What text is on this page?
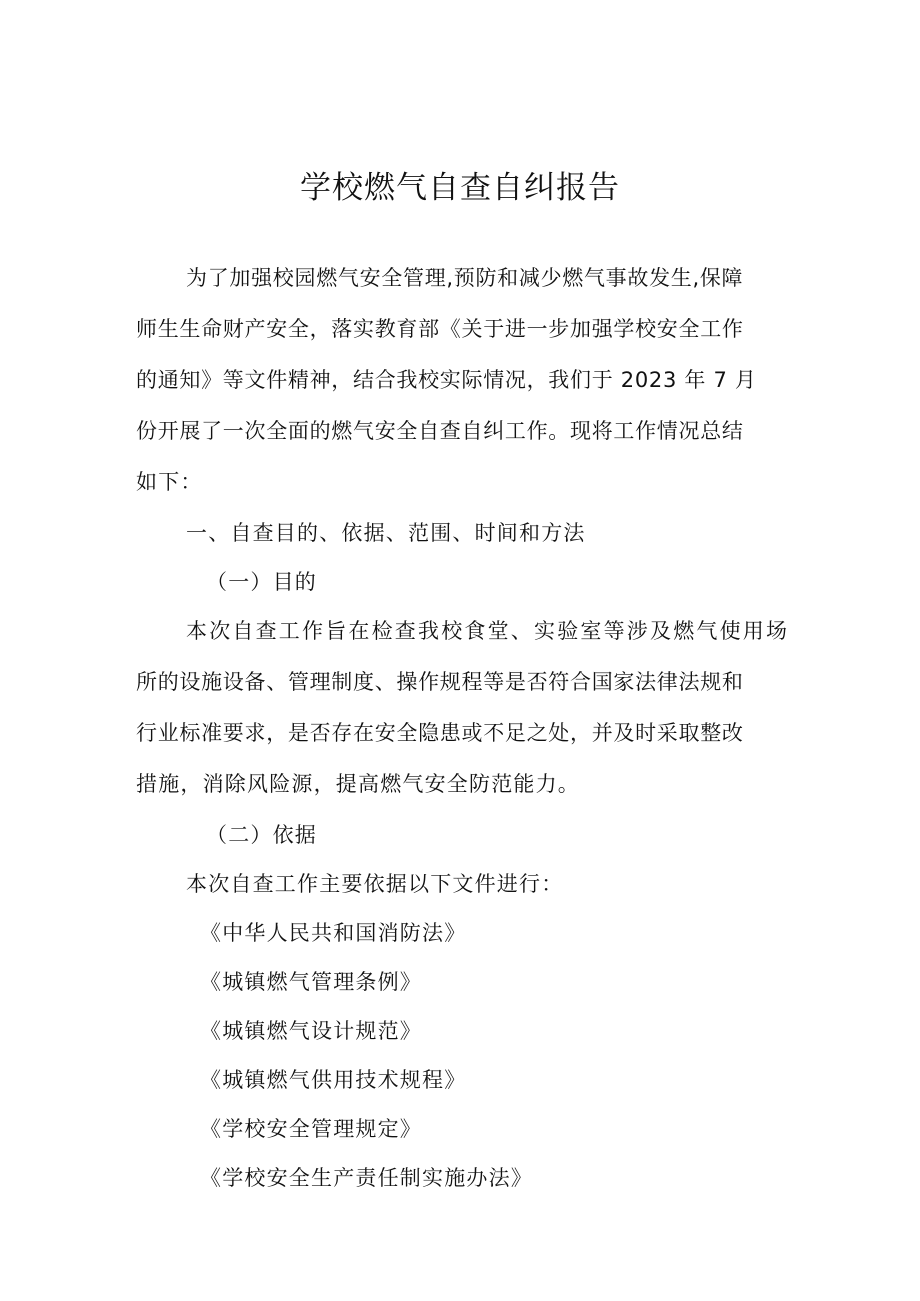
学校燃气自查自纠报告
为了加强校园燃气安全管理,预防和减少燃气事故发生,保障
师生生命财产安全，落实教育部《关于进一步加强学校安全工作
的通知》等文件精神，结合我校实际情况，我们于 2023 年 7 月
份开展了一次全面的燃气安全自查自纠工作。现将工作情况总结
如下：
一、自查目的、依据、范围、时间和方法
（一）目的
本次自查工作旨在检查我校食堂、实验室等涉及燃气使用场
所的设施设备、管理制度、操作规程等是否符合国家法律法规和
行业标准要求，是否存在安全隐患或不足之处，并及时采取整改
措施，消除风险源，提高燃气安全防范能力。
（二）依据
本次自查工作主要依据以下文件进行：
《中华人民共和国消防法》
《城镇燃气管理条例》
《城镇燃气设计规范》
《城镇燃气供用技术规程》
《学校安全管理规定》
《学校安全生产责任制实施办法》
